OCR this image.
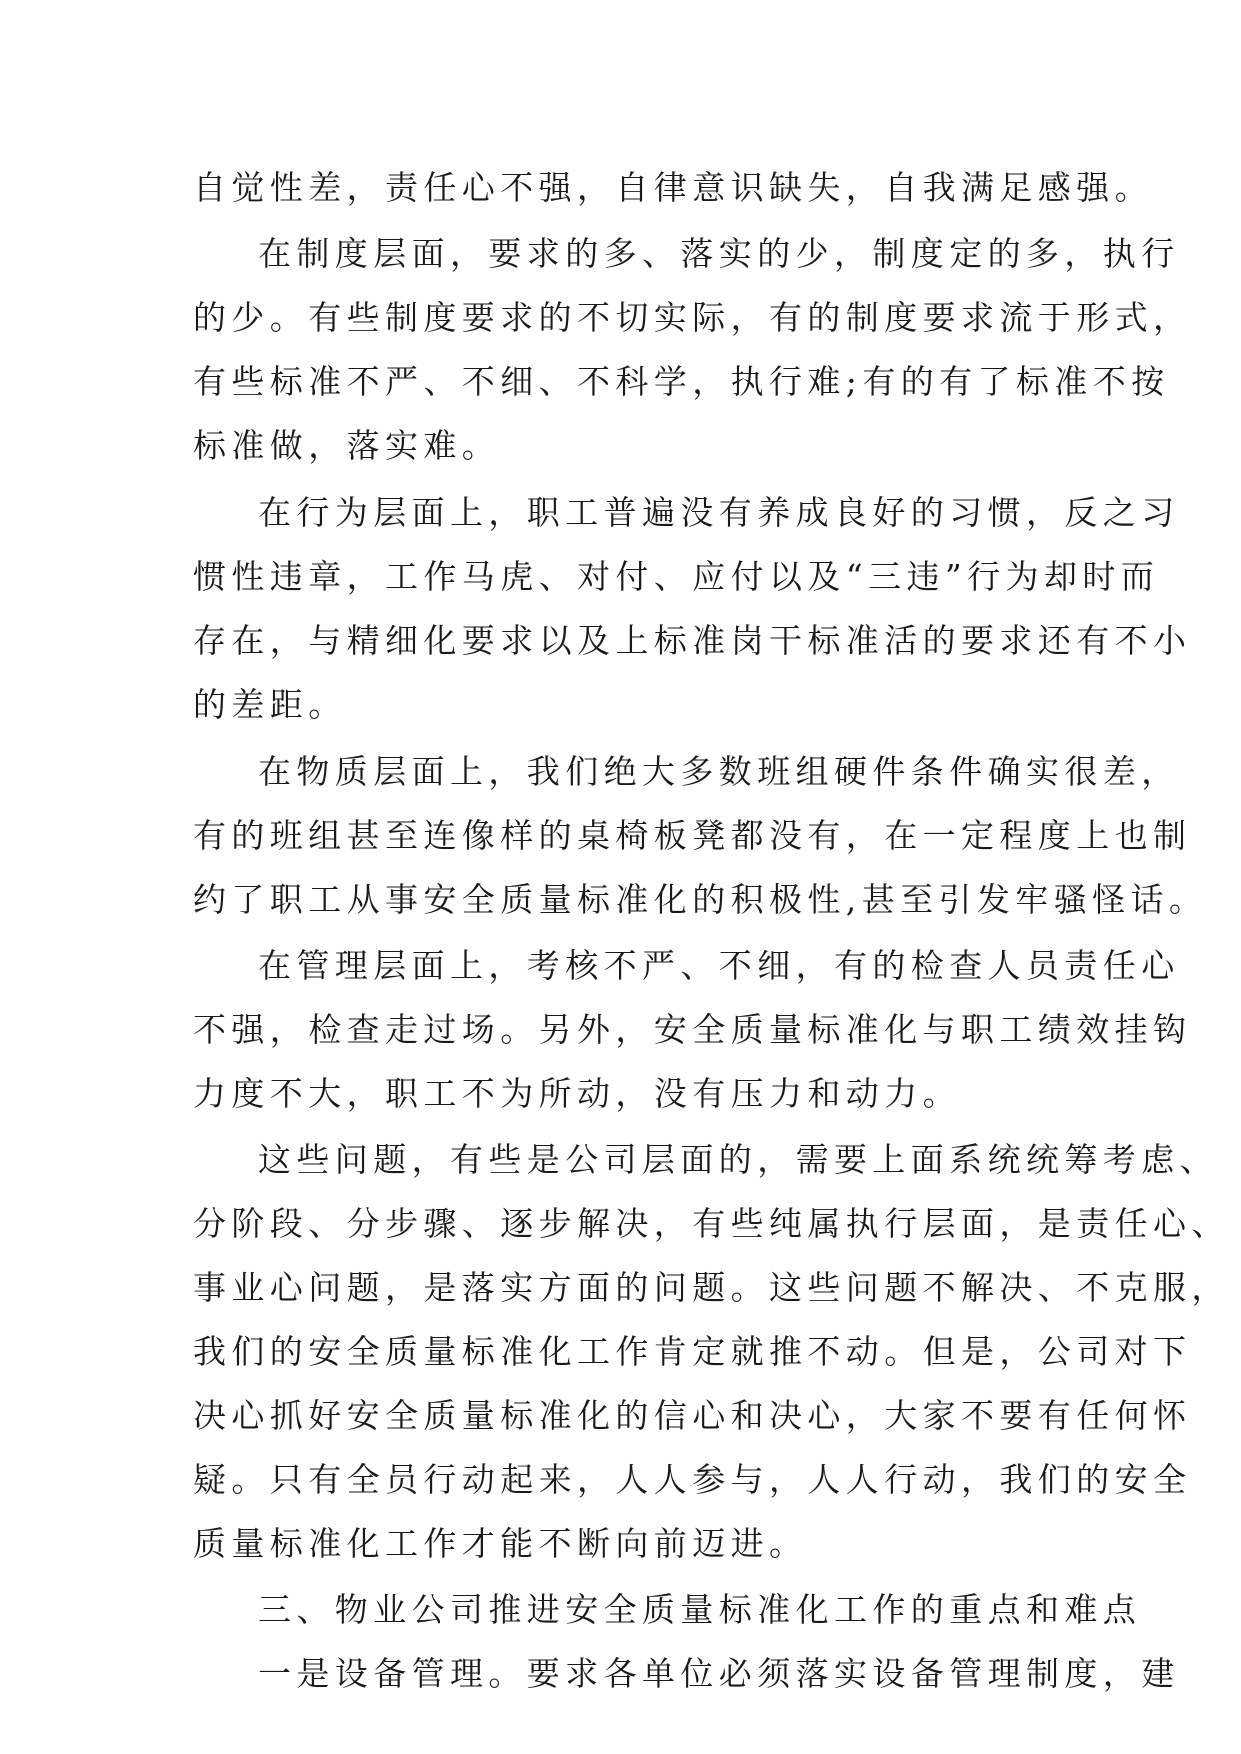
自觉性差，责任心不强，自律意识缺失，自我满足感强。
在制度层面，要求的多、落实的少，制度定的多，执行
的少。有些制度要求的不切实际，有的制度要求流于形式，
有些标准不严、不细、不科学，执行难;有的有了标准不按
标准做，落实难。
在行为层面上，职工普遍没有养成良好的习惯，反之习
惯性违章，工作马虎、对付、应付以及“三违”行为却时而
存在，与精细化要求以及上标准岗干标准活的要求还有不小
的差距。
在物质层面上，我们绝大多数班组硬件条件确实很差，
有的班组甚至连像样的桌椅板凳都没有，在一定程度上也制
约了职工从事安全质量标准化的积极性,甚至引发牢骚怪话。
在管理层面上，考核不严、不细，有的检查人员责任心
不强，检查走过场。另外，安全质量标准化与职工绩效挂钩
力度不大，职工不为所动，没有压力和动力。
这些问题，有些是公司层面的，需要上面系统统筹考虑、
分阶段、分步骤、逐步解决，有些纯属执行层面，是责任心、
事业心问题，是落实方面的问题。这些问题不解决、不克服，
我们的安全质量标准化工作肯定就推不动。但是，公司对下
决心抓好安全质量标准化的信心和决心，大家不要有任何怀
疑。只有全员行动起来，人人参与，人人行动，我们的安全
质量标准化工作才能不断向前迈进。
三、物业公司推进安全质量标准化工作的重点和难点
一是设备管理。要求各单位必须落实设备管理制度，建
